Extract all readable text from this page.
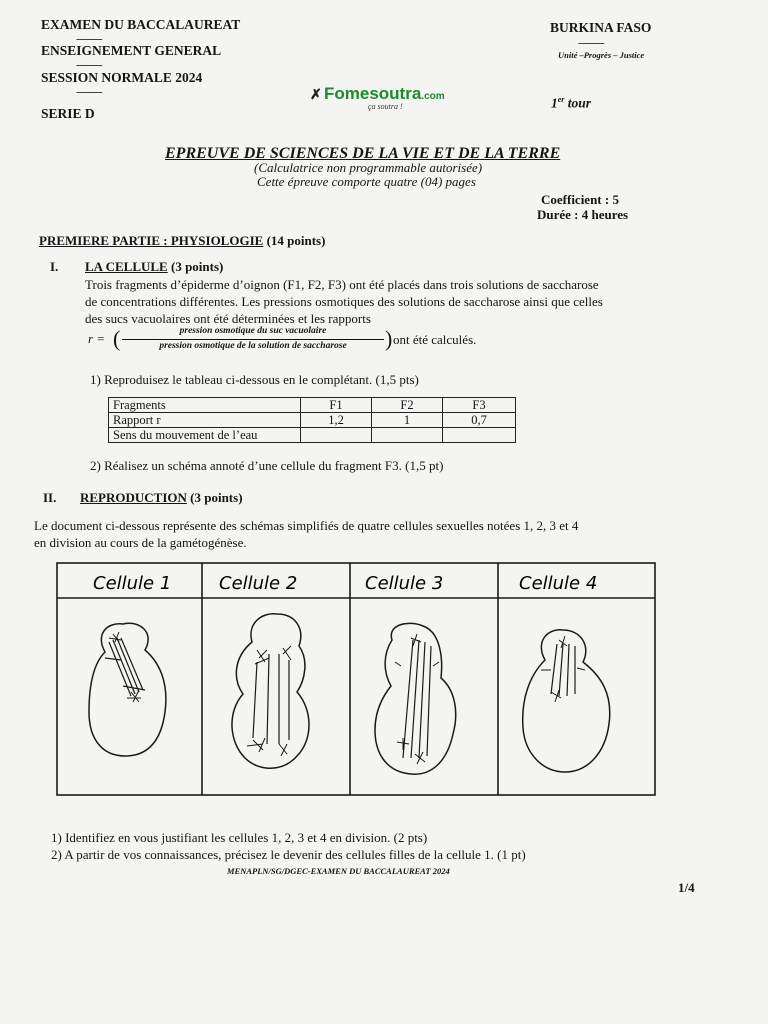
EXAMEN DU BACCALAUREAT
-----------
ENSEIGNEMENT GENERAL
-----------
SESSION NORMALE 2024
-----------
SERIE D
BURKINA FASO
-----------
Unité –Progrès – Justice
1er tour
✗ Fomesoutra.com
ça soutra !
EPREUVE DE SCIENCES DE LA VIE ET DE LA TERRE
(Calculatrice non programmable autorisée)
Cette épreuve comporte quatre (04) pages
Coefficient : 5
Durée : 4 heures
PREMIERE PARTIE : PHYSIOLOGIE (14 points)
I. LA CELLULE (3 points)
Trois fragments d’épiderme d’oignon (F1, F2, F3) ont été placés dans trois solutions de saccharose
de concentrations différentes. Les pressions osmotiques des solutions de saccharose ainsi que celles
des sucs vacuolaires ont été déterminées et les rapports
r = (	pression osmotique du suc vacuolaire
pression osmotique de la solution de saccharose	) ont été calculés.
1) Reproduisez le tableau ci-dessous en le complétant. (1,5 pts)
Fragments	F1	F2	F3
Rapport r	1,2	1	0,7
Sens du mouvement de l’eau			
2) Réalisez un schéma annoté d’une cellule du fragment F3. (1,5 pt)
II. REPRODUCTION (3 points)
Le document ci-dessous représente des schémas simplifiés de quatre cellules sexuelles notées 1, 2, 3 et 4
en division au cours de la gamétogénèse.
Cellule 1	Cellule 2	Cellule 3	Cellule 4
1) Identifiez en vous justifiant les cellules 1, 2, 3 et 4 en division. (2 pts)
2) A partir de vos connaissances, précisez le devenir des cellules filles de la cellule 1. (1 pt)
MENAPLN/SG/DGEC-EXAMEN DU BACCALAUREAT 2024
1/4
